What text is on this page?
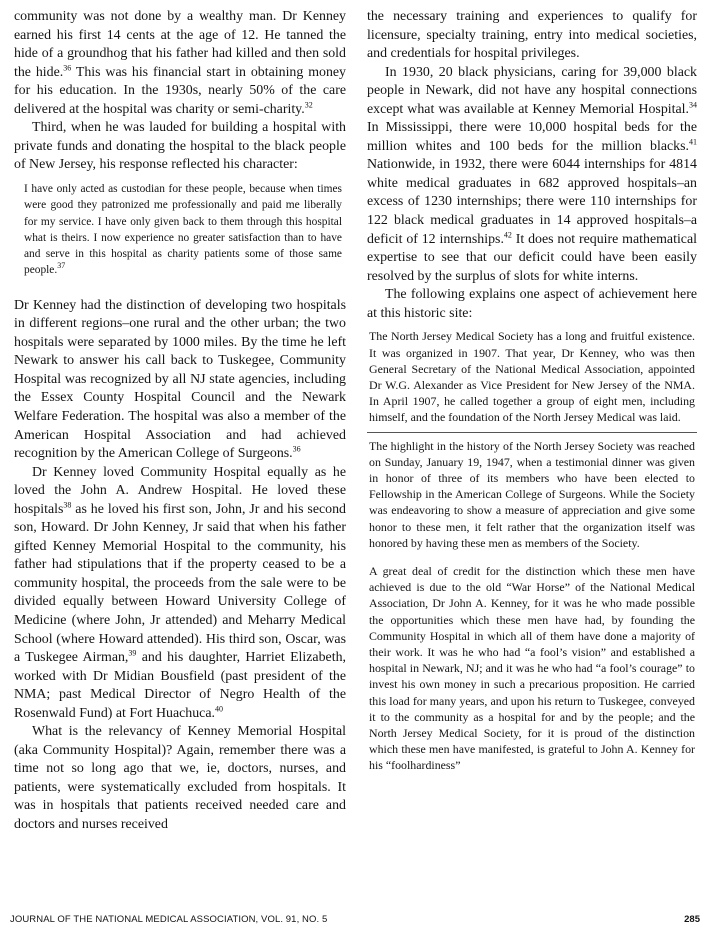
community was not done by a wealthy man. Dr Kenney earned his first 14 cents at the age of 12. He tanned the hide of a groundhog that his father had killed and then sold the hide.$^{36}$ This was his financial start in obtaining money for his education. In the 1930s, nearly 50% of the care delivered at the hospital was charity or semi-charity.$^{32}$

Third, when he was lauded for building a hospital with private funds and donating the hospital to the black people of New Jersey, his response reflected his character:

I have only acted as custodian for these people, because when times were good they patronized me professionally and paid me liberally for my service. I have only given back to them through this hospital what is theirs. I now experience no greater satisfaction than to have and serve in this hospital as charity patients some of those same people.$^{37}$

Dr Kenney had the distinction of developing two hospitals in different regions–one rural and the other urban; the two hospitals were separated by 1000 miles. By the time he left Newark to answer his call back to Tuskegee, Community Hospital was recognized by all NJ state agencies, including the Essex County Hospital Council and the Newark Welfare Federation. The hospital was also a member of the American Hospital Association and had achieved recognition by the American College of Surgeons.$^{36}$

Dr Kenney loved Community Hospital equally as he loved the John A. Andrew Hospital. He loved these hospitals$^{38}$ as he loved his first son, John, Jr and his second son, Howard. Dr John Kenney, Jr said that when his father gifted Kenney Memorial Hospital to the community, his father had stipulations that if the property ceased to be a community hospital, the proceeds from the sale were to be divided equally between Howard University College of Medicine (where John, Jr attended) and Meharry Medical School (where Howard attended). His third son, Oscar, was a Tuskegee Airman,$^{39}$ and his daughter, Harriet Elizabeth, worked with Dr Midian Bousfield (past president of the NMA; past Medical Director of Negro Health of the Rosenwald Fund) at Fort Huachuca.$^{40}$

What is the relevancy of Kenney Memorial Hospital (aka Community Hospital)? Again, remember there was a time not so long ago that we, ie, doctors, nurses, and patients, were systematically excluded from hospitals. It was in hospitals that patients received needed care and doctors and nurses received

the necessary training and experiences to qualify for licensure, specialty training, entry into medical societies, and credentials for hospital privileges.

In 1930, 20 black physicians, caring for 39,000 black people in Newark, did not have any hospital connections except what was available at Kenney Memorial Hospital.$^{34}$ In Mississippi, there were 10,000 hospital beds for the million whites and 100 beds for the million blacks.$^{41}$ Nationwide, in 1932, there were 6044 internships for 4814 white medical graduates in 682 approved hospitals–an excess of 1230 internships; there were 110 internships for 122 black medical graduates in 14 approved hospitals–a deficit of 12 internships.$^{42}$ It does not require mathematical expertise to see that our deficit could have been easily resolved by the surplus of slots for white interns.

The following explains one aspect of achievement here at this historic site:

The North Jersey Medical Society has a long and fruitful existence. It was organized in 1907. That year, Dr Kenney, who was then General Secretary of the National Medical Association, appointed Dr W.G. Alexander as Vice President for New Jersey of the NMA. In April 1907, he called together a group of eight men, including himself, and the foundation of the North Jersey Medical was laid.

The highlight in the history of the North Jersey Society was reached on Sunday, January 19, 1947, when a testimonial dinner was given in honor of three of its members who have been elected to Fellowship in the American College of Surgeons. While the Society was endeavoring to show a measure of appreciation and give some honor to these men, it felt rather that the organization itself was honored by having these men as members of the Society.

A great deal of credit for the distinction which these men have achieved is due to the old “War Horse” of the National Medical Association, Dr John A. Kenney, for it was he who made possible the opportunities which these men have had, by founding the Community Hospital in which all of them have done a majority of their work. It was he who had “a fool’s vision” and established a hospital in Newark, NJ; and it was he who had “a fool’s courage” to invest his own money in such a precarious proposition. He carried this load for many years, and upon his return to Tuskegee, conveyed it to the community as a hospital for and by the people; and the North Jersey Medical Society, for it is proud of the distinction which these men have manifested, is grateful to John A. Kenney for his “foolhardiness”

JOURNAL OF THE NATIONAL MEDICAL ASSOCIATION, VOL. 91, NO. 5	285
